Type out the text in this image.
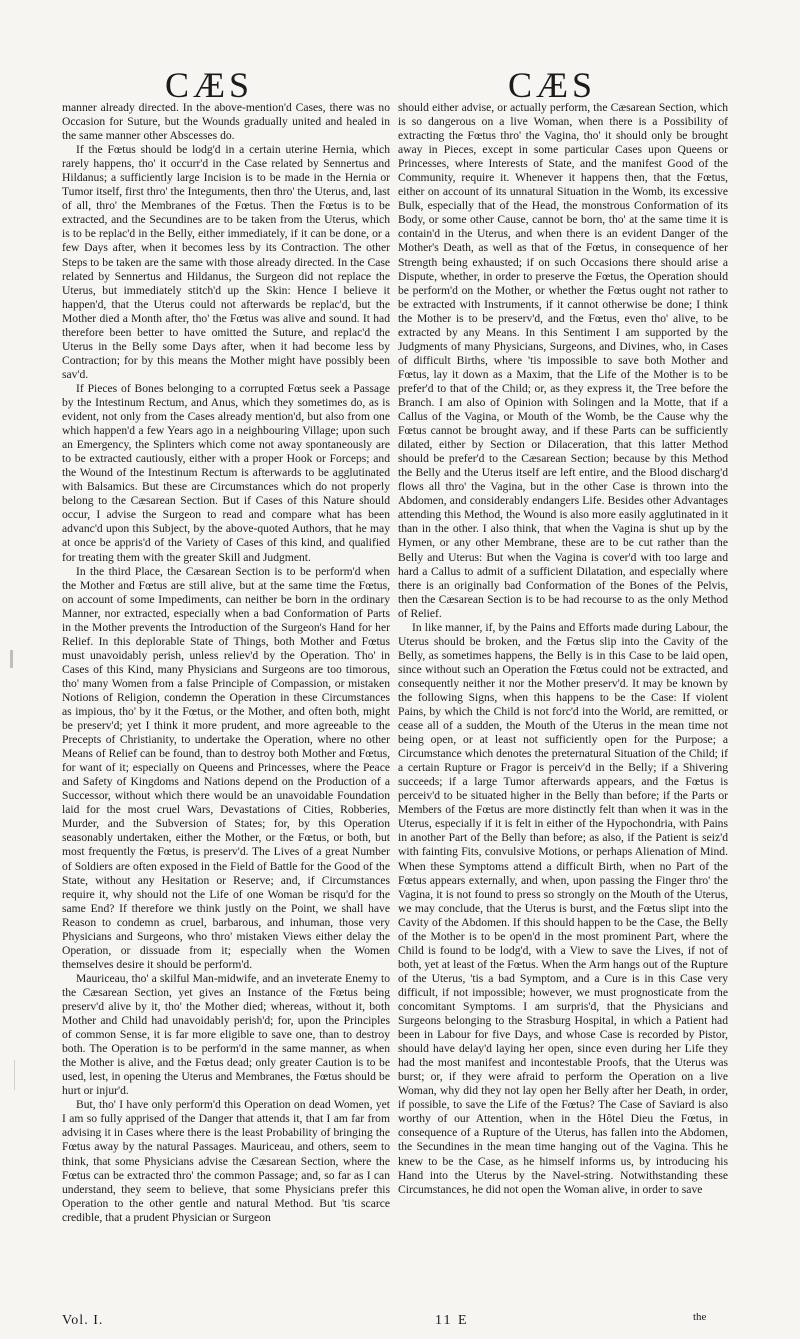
CÆS	CÆS

manner already directed. In the above-mention'd Cases, there was no Occasion for Suture, but the Wounds gradually united and healed in the same manner other Abscesses do.

If the Fœtus should be lodg'd in a certain uterine Hernia, which rarely happens, tho' it occurr'd in the Case related by Sennertus and Hildanus; a sufficiently large Incision is to be made in the Hernia or Tumor itself, first thro' the Integuments, then thro' the Uterus, and, last of all, thro' the Membranes of the Fœtus. Then the Fœtus is to be extracted, and the Secundines are to be taken from the Uterus, which is to be replac'd in the Belly, either immediately, if it can be done, or a few Days after, when it becomes less by its Contraction. The other Steps to be taken are the same with those already directed. In the Case related by Sennertus and Hildanus, the Surgeon did not replace the Uterus, but immediately stitch'd up the Skin: Hence I believe it happen'd, that the Uterus could not afterwards be replac'd, but the Mother died a Month after, tho' the Fœtus was alive and sound. It had therefore been better to have omitted the Suture, and replac'd the Uterus in the Belly some Days after, when it had become less by Contraction; for by this means the Mother might have possibly been sav'd.

If Pieces of Bones belonging to a corrupted Fœtus seek a Passage by the Intestinum Rectum, and Anus, which they sometimes do, as is evident, not only from the Cases already mention'd, but also from one which happen'd a few Years ago in a neighbouring Village; upon such an Emergency, the Splinters which come not away spontaneously are to be extracted cautiously, either with a proper Hook or Forceps; and the Wound of the Intestinum Rectum is afterwards to be agglutinated with Balsamics. But these are Circumstances which do not properly belong to the Cæsarean Section. But if Cases of this Nature should occur, I advise the Surgeon to read and compare what has been advanc'd upon this Subject, by the above-quoted Authors, that he may at once be appris'd of the Variety of Cases of this kind, and qualified for treating them with the greater Skill and Judgment.

In the third Place, the Cæsarean Section is to be perform'd when the Mother and Fœtus are still alive, but at the same time the Fœtus, on account of some Impediments, can neither be born in the ordinary Manner, nor extracted, especially when a bad Conformation of Parts in the Mother prevents the Introduction of the Surgeon's Hand for her Relief. In this deplorable State of Things, both Mother and Fœtus must unavoidably perish, unless reliev'd by the Operation. Tho' in Cases of this Kind, many Physicians and Surgeons are too timorous, tho' many Women from a false Principle of Compassion, or mistaken Notions of Religion, condemn the Operation in these Circumstances as impious, tho' by it the Fœtus, or the Mother, and often both, might be preserv'd; yet I think it more prudent, and more agreeable to the Precepts of Christianity, to undertake the Operation, where no other Means of Relief can be found, than to destroy both Mother and Fœtus, for want of it; especially on Queens and Princesses, where the Peace and Safety of Kingdoms and Nations depend on the Production of a Successor, without which there would be an unavoidable Foundation laid for the most cruel Wars, Devastations of Cities, Robberies, Murder, and the Subversion of States; for, by this Operation seasonably undertaken, either the Mother, or the Fœtus, or both, but most frequently the Fœtus, is preserv'd. The Lives of a great Number of Soldiers are often exposed in the Field of Battle for the Good of the State, without any Hesitation or Reserve; and, if Circumstances require it, why should not the Life of one Woman be risqu'd for the same End? If therefore we think justly on the Point, we shall have Reason to condemn as cruel, barbarous, and inhuman, those very Physicians and Surgeons, who thro' mistaken Views either delay the Operation, or dissuade from it; especially when the Women themselves desire it should be perform'd.

Mauriceau, tho' a skilful Man-midwife, and an inveterate Enemy to the Cæsarean Section, yet gives an Instance of the Fœtus being preserv'd alive by it, tho' the Mother died; whereas, without it, both Mother and Child had unavoidably perish'd; for, upon the Principles of common Sense, it is far more eligible to save one, than to destroy both. The Operation is to be perform'd in the same manner, as when the Mother is alive, and the Fœtus dead; only greater Caution is to be used, lest, in opening the Uterus and Membranes, the Fœtus should be hurt or injur'd.

But, tho' I have only perform'd this Operation on dead Women, yet I am so fully apprised of the Danger that attends it, that I am far from advising it in Cases where there is the least Probability of bringing the Fœtus away by the natural Passages. Mauriceau, and others, seem to think, that some Physicians advise the Cæsarean Section, where the Fœtus can be extracted thro' the common Passage; and, so far as I can understand, they seem to believe, that some Physicians prefer this Operation to the other gentle and natural Method. But 'tis scarce credible, that a prudent Physician or Surgeon

should either advise, or actually perform, the Cæsarean Section, which is so dangerous on a live Woman, when there is a Possibility of extracting the Fœtus thro' the Vagina, tho' it should only be brought away in Pieces, except in some particular Cases upon Queens or Princesses, where Interests of State, and the manifest Good of the Community, require it. Whenever it happens then, that the Fœtus, either on account of its unnatural Situation in the Womb, its excessive Bulk, especially that of the Head, the monstrous Conformation of its Body, or some other Cause, cannot be born, tho' at the same time it is contain'd in the Uterus, and when there is an evident Danger of the Mother's Death, as well as that of the Fœtus, in consequence of her Strength being exhausted; if on such Occasions there should arise a Dispute, whether, in order to preserve the Fœtus, the Operation should be perform'd on the Mother, or whether the Fœtus ought not rather to be extracted with Instruments, if it cannot otherwise be done; I think the Mother is to be preserv'd, and the Fœtus, even tho' alive, to be extracted by any Means. In this Sentiment I am supported by the Judgments of many Physicians, Surgeons, and Divines, who, in Cases of difficult Births, where 'tis impossible to save both Mother and Fœtus, lay it down as a Maxim, that the Life of the Mother is to be prefer'd to that of the Child; or, as they express it, the Tree before the Branch. I am also of Opinion with Solingen and la Motte, that if a Callus of the Vagina, or Mouth of the Womb, be the Cause why the Fœtus cannot be brought away, and if these Parts can be sufficiently dilated, either by Section or Dilaceration, that this latter Method should be prefer'd to the Cæsarean Section; because by this Method the Belly and the Uterus itself are left entire, and the Blood discharg'd flows all thro' the Vagina, but in the other Case is thrown into the Abdomen, and considerably endangers Life. Besides other Advantages attending this Method, the Wound is also more easily agglutinated in it than in the other. I also think, that when the Vagina is shut up by the Hymen, or any other Membrane, these are to be cut rather than the Belly and Uterus: But when the Vagina is cover'd with too large and hard a Callus to admit of a sufficient Dilatation, and especially where there is an originally bad Conformation of the Bones of the Pelvis, then the Cæsarean Section is to be had recourse to as the only Method of Relief.

In like manner, if, by the Pains and Efforts made during Labour, the Uterus should be broken, and the Fœtus slip into the Cavity of the Belly, as sometimes happens, the Belly is in this Case to be laid open, since without such an Operation the Fœtus could not be extracted, and consequently neither it nor the Mother preserv'd. It may be known by the following Signs, when this happens to be the Case: If violent Pains, by which the Child is not forc'd into the World, are remitted, or cease all of a sudden, the Mouth of the Uterus in the mean time not being open, or at least not sufficiently open for the Purpose; a Circumstance which denotes the preternatural Situation of the Child; if a certain Rupture or Fragor is perceiv'd in the Belly; if a Shivering succeeds; if a large Tumor afterwards appears, and the Fœtus is perceiv'd to be situated higher in the Belly than before; if the Parts or Members of the Fœtus are more distinctly felt than when it was in the Uterus, especially if it is felt in either of the Hypochondria, with Pains in another Part of the Belly than before; as also, if the Patient is seiz'd with fainting Fits, convulsive Motions, or perhaps Alienation of Mind. When these Symptoms attend a difficult Birth, when no Part of the Fœtus appears externally, and when, upon passing the Finger thro' the Vagina, it is not found to press so strongly on the Mouth of the Uterus, we may conclude, that the Uterus is burst, and the Fœtus slipt into the Cavity of the Abdomen. If this should happen to be the Case, the Belly of the Mother is to be open'd in the most prominent Part, where the Child is found to be lodg'd, with a View to save the Lives, if not of both, yet at least of the Fœtus. When the Arm hangs out of the Rupture of the Uterus, 'tis a bad Symptom, and a Cure is in this Case very difficult, if not impossible; however, we must prognosticate from the concomitant Symptoms. I am surpris'd, that the Physicians and Surgeons belonging to the Strasburg Hospital, in which a Patient had been in Labour for five Days, and whose Case is recorded by Pistor, should have delay'd laying her open, since even during her Life they had the most manifest and incontestable Proofs, that the Uterus was burst; or, if they were afraid to perform the Operation on a live Woman, why did they not lay open her Belly after her Death, in order, if possible, to save the Life of the Fœtus? The Case of Saviard is also worthy of our Attention, when in the Hôtel Dieu the Fœtus, in consequence of a Rupture of the Uterus, has fallen into the Abdomen, the Secundines in the mean time hanging out of the Vagina. This he knew to be the Case, as he himself informs us, by introducing his Hand into the Uterus by the Navel-string. Notwithstanding these Circumstances, he did not open the Woman alive, in order to save

Vol. I.	11 E	the
